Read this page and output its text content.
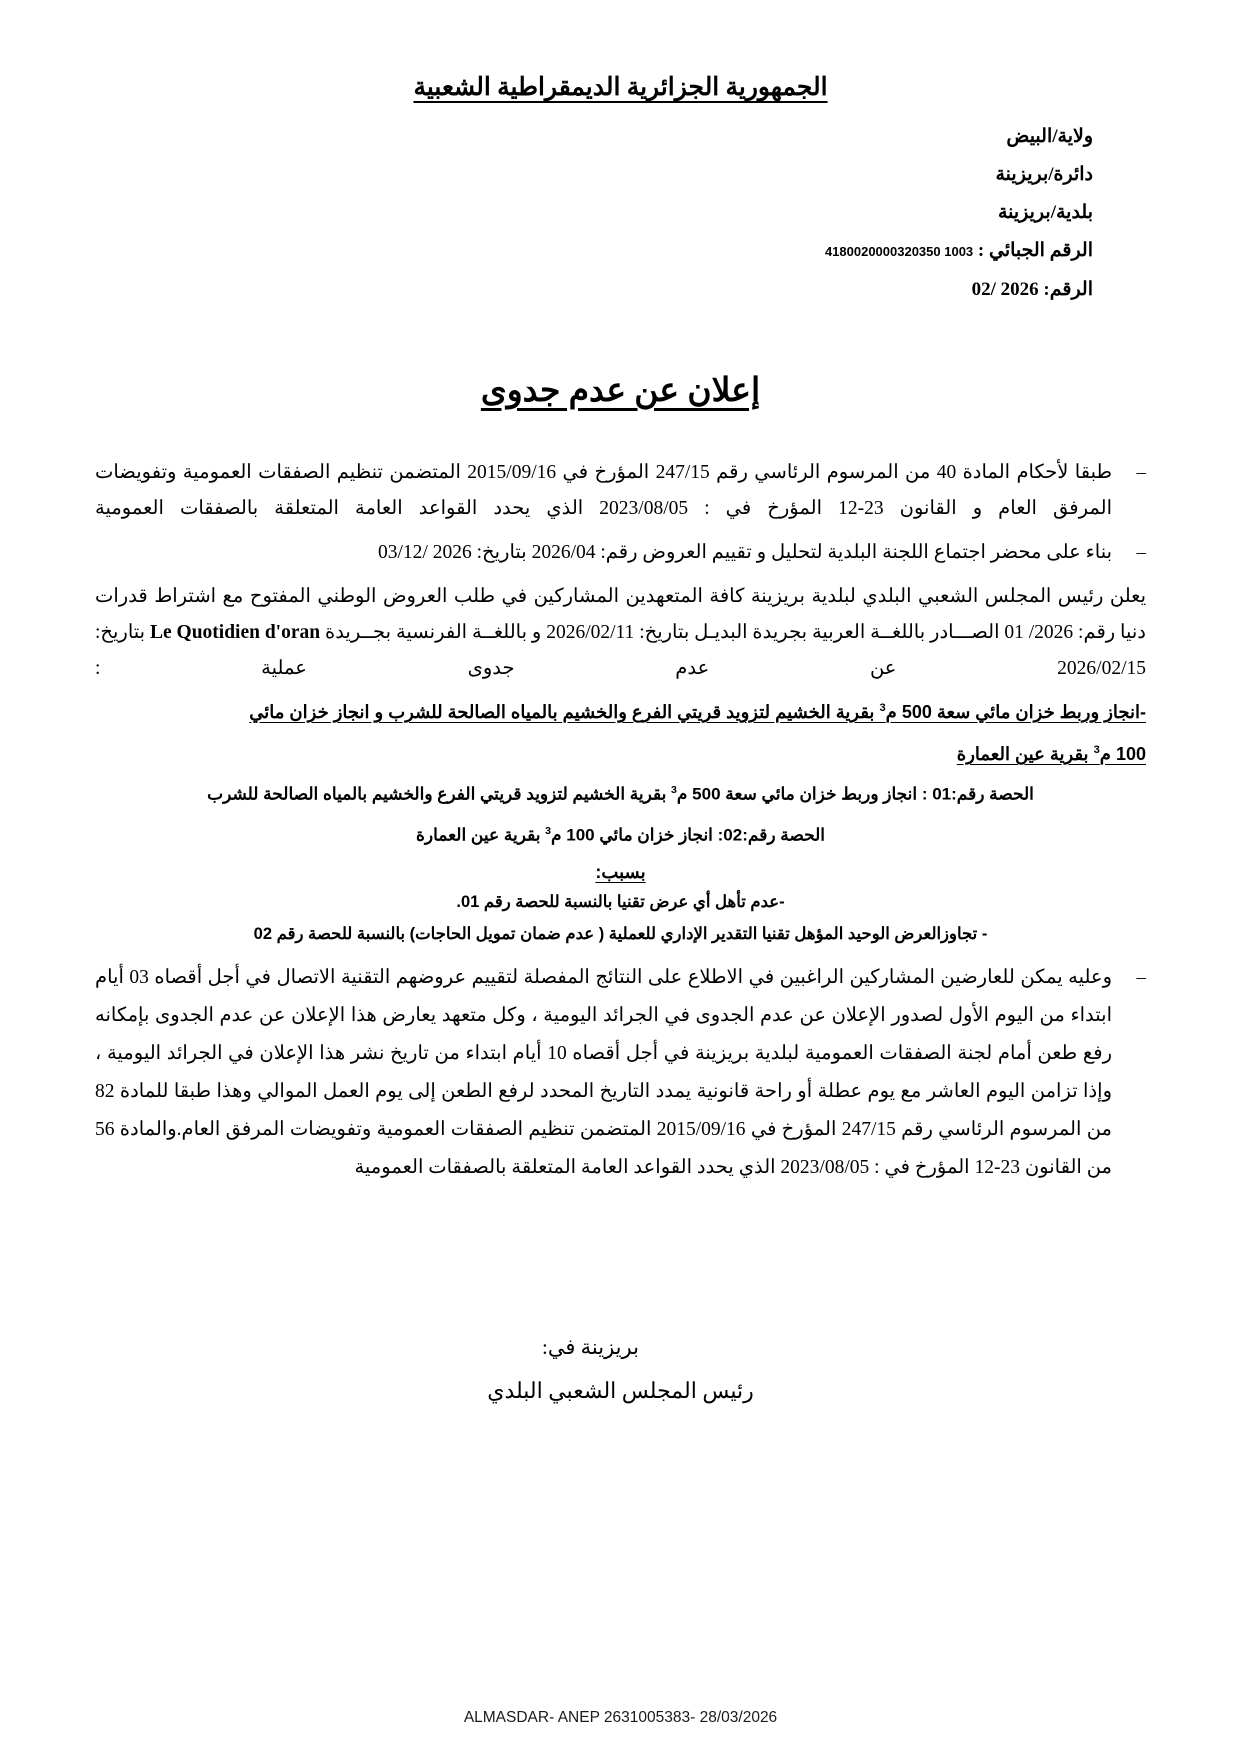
الجمهورية الجزائرية الديمقراطية الشعبية
ولاية/البيض
دائرة/بريزينة
بلدية/بريزينة
الرقم الجبائي : 4180020000320350 1003
الرقم: 02/ 2026
إعلان عن عدم جدوى

– طبقا لأحكام المادة 40 من المرسوم الرئاسي رقم 247/15 المؤرخ في 2015/09/16 المتضمن تنظيم الصفقات العمومية وتفويضات المرفق العام و القانون 23-12 المؤرخ في : 2023/08/05 الذي يحدد القواعد العامة المتعلقة بالصفقات العمومية

– بناء على محضر اجتماع اللجنة البلدية لتحليل و تقييم العروض رقم: 2026/04 بتاريخ: 2026 /03/12

يعلن رئيس المجلس الشعبي البلدي لبلدية بريزينة كافة المتعهدين المشاركين في طلب العروض الوطني المفتوح مع اشتراط قدرات دنيا رقم: 2026/ 01 الصـــادر باللغــة العربية بجريدة البديـل بتاريخ: 2026/02/11 و باللغــة الفرنسية بجــريدة Le Quotidien d'oran بتاريخ: 2026/02/15 عن عدم جدوى عملية :

-انجاز وربط خزان مائي سعة 500 م$^3$ بقرية الخشيم لتزويد قريتي الفرع والخشيم بالمياه الصالحة للشرب و انجاز خزان مائي

100 م$^3$ بقرية عين العمارة

الحصة رقم:01 : انجاز وربط خزان مائي سعة 500 م$^3$ بقرية الخشيم لتزويد قريتي الفرع والخشيم بالمياه الصالحة للشرب

الحصة رقم:02: انجاز خزان مائي 100 م$^3$ بقرية عين العمارة

بسبب:

-عدم تأهل أي عرض تقنيا بالنسبة للحصة رقم 01.

- تجاوزالعرض الوحيد المؤهل تقنيا التقدير الإداري للعملية ( عدم ضمان تمويل الحاجات) بالنسبة للحصة رقم 02

– وعليه يمكن للعارضين المشاركين الراغبين في الاطلاع على النتائج المفصلة لتقييم عروضهم التقنية الاتصال في أجل أقصاه 03 أيام ابتداء من اليوم الأول لصدور الإعلان عن عدم الجدوى في الجرائد اليومية ، وكل متعهد يعارض هذا الإعلان عن عدم الجدوى بإمكانه رفع طعن أمام لجنة الصفقات العمومية لبلدية بريزينة في أجل أقصاه 10 أيام ابتداء من تاريخ نشر هذا الإعلان في الجرائد اليومية ، وإذا تزامن اليوم العاشر مع يوم عطلة أو راحة قانونية يمدد التاريخ المحدد لرفع الطعن إلى يوم العمل الموالي وهذا طبقا للمادة 82 من المرسوم الرئاسي رقم 247/15 المؤرخ في 2015/09/16 المتضمن تنظيم الصفقات العمومية وتفويضات المرفق العام.والمادة 56 من القانون 23-12 المؤرخ في : 2023/08/05 الذي يحدد القواعد العامة المتعلقة بالصفقات العمومية

بريزينة في:
رئيس المجلس الشعبي البلدي
ALMASDAR- ANEP 2631005383- 28/03/2026
